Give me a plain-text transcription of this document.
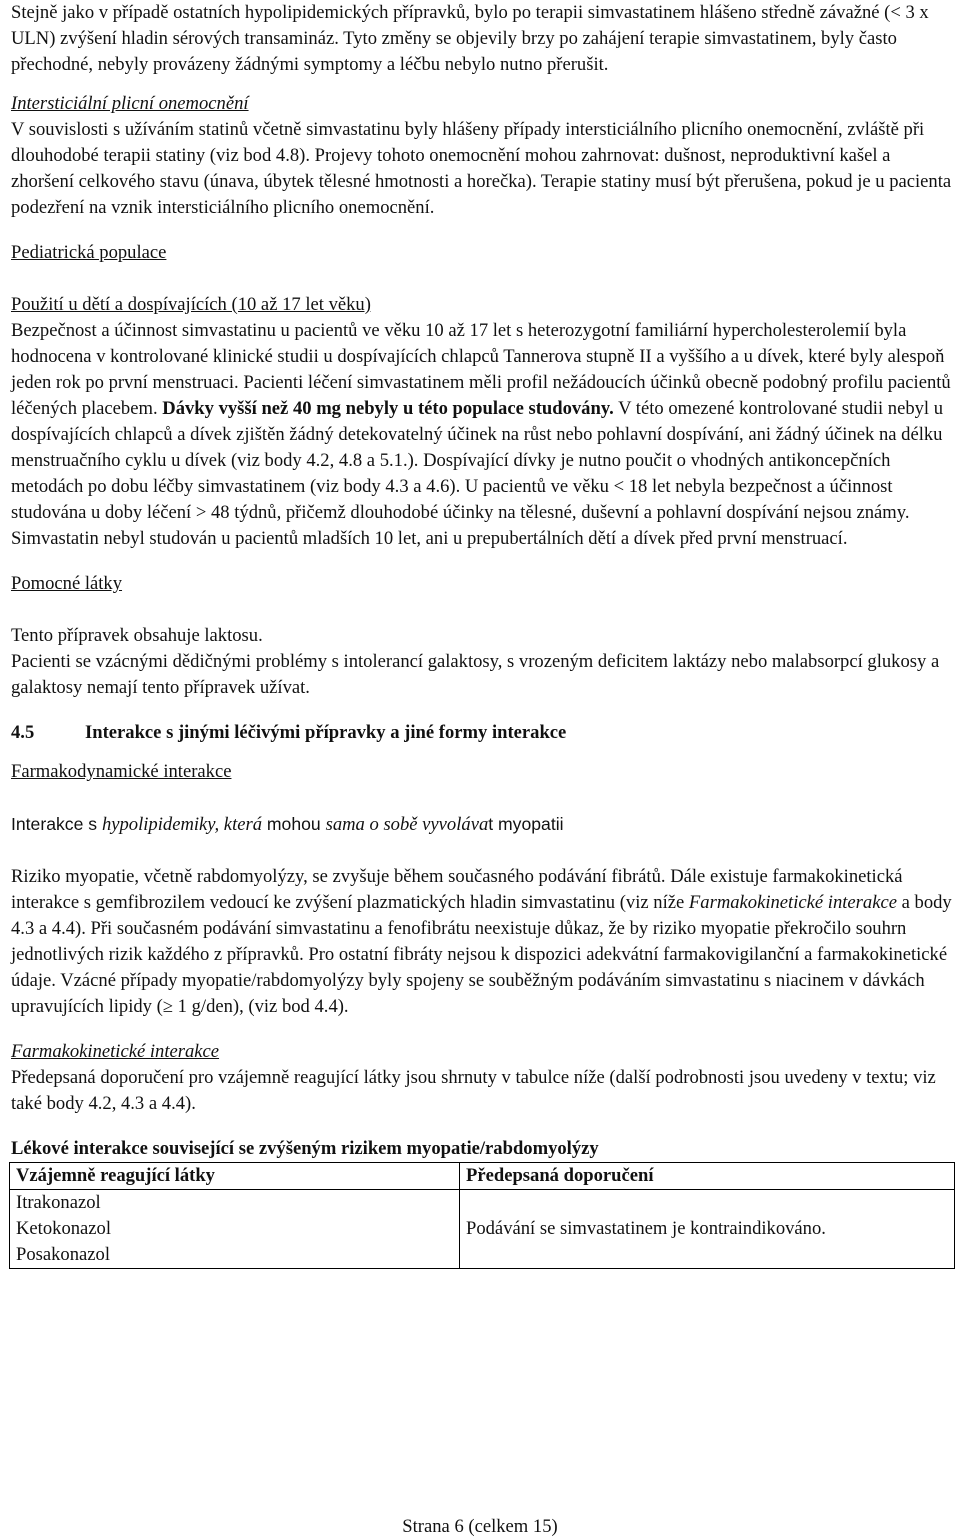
Stejně jako v případě ostatních hypolipidemických přípravků, bylo po terapii simvastatinem hlášeno středně závažné (< 3 x ULN) zvýšení hladin sérových transamináz. Tyto změny se objevily brzy po zahájení terapie simvastatinem, byly často přechodné, nebyly provázeny žádnými symptomy a léčbu nebylo nutno přerušit.

Intersticiální plicní onemocnění

V souvislosti s užíváním statinů včetně simvastatinu byly hlášeny případy intersticiálního plicního onemocnění, zvláště při dlouhodobé terapii statiny (viz bod 4.8). Projevy tohoto onemocnění mohou zahrnovat: dušnost, neproduktivní kašel a zhoršení celkového stavu (únava, úbytek tělesné hmotnosti a horečka). Terapie statiny musí být přerušena, pokud je u pacienta podezření na vznik intersticiálního plicního onemocnění.

Pediatrická populace

Použití u dětí a dospívajících (10 až 17 let věku)

Bezpečnost a účinnost simvastatinu u pacientů ve věku 10 až 17 let s heterozygotní familiární hypercholesterolemií byla hodnocena v kontrolované klinické studii u dospívajících chlapců Tannerova stupně II a vyššího a u dívek, které byly alespoň jeden rok po první menstruaci. Pacienti léčení simvastatinem měli profil nežádoucích účinků obecně podobný profilu pacientů léčených placebem. Dávky vyšší než 40 mg nebyly u této populace studovány. V této omezené kontrolované studii nebyl u dospívajících chlapců a dívek zjištěn žádný detekovatelný účinek na růst nebo pohlavní dospívání, ani žádný účinek na délku menstruačního cyklu u dívek (viz body 4.2, 4.8 a 5.1.). Dospívající dívky je nutno poučit o vhodných antikoncepčních metodách po dobu léčby simvastatinem (viz body 4.3 a 4.6). U pacientů ve věku < 18 let nebyla bezpečnost a účinnost studována u doby léčení > 48 týdnů, přičemž dlouhodobé účinky na tělesné, duševní a pohlavní dospívání nejsou známy. Simvastatin nebyl studován u pacientů mladších 10 let, ani u prepubertálních dětí a dívek před první menstruací.

Pomocné látky

Tento přípravek obsahuje laktosu.

Pacienti se vzácnými dědičnými problémy s intolerancí galaktosy, s vrozeným deficitem laktázy nebo malabsorpcí glukosy a galaktosy nemají tento přípravek užívat.

4.5	Interakce s jinými léčivými přípravky a jiné formy interakce

Farmakodynamické interakce

Interakce s hypolipidemiky, která mohou sama o sobě vyvolávat myopatii

Riziko myopatie, včetně rabdomyolýzy, se zvyšuje během současného podávání fibrátů. Dále existuje farmakokinetická interakce s gemfibrozilem vedoucí ke zvýšení plazmatických hladin simvastatinu (viz níže Farmakokinetické interakce a body 4.3 a 4.4). Při současném podávání simvastatinu a fenofibrátu neexistuje důkaz, že by riziko myopatie překročilo souhrn jednotlivých rizik každého z přípravků. Pro ostatní fibráty nejsou k dispozici adekvátní farmakovigilanční a farmakokinetické údaje. Vzácné případy myopatie/rabdomyolýzy byly spojeny se souběžným podáváním simvastatinu s niacinem v dávkách upravujících lipidy (≥ 1 g/den), (viz bod 4.4).

Farmakokinetické interakce

Předepsaná doporučení pro vzájemně reagující látky jsou shrnuty v tabulce níže (další podrobnosti jsou uvedeny v textu; viz také body 4.2, 4.3 a 4.4).

Lékové interakce související se zvýšeným rizikem myopatie/rabdomyolýzy

Vzájemně reagující látky	Předepsaná doporučení

Itrakonazol
Ketokonazol
Posakonazol	Podávání se simvastatinem je kontraindikováno.
Strana 6 (celkem 15)
